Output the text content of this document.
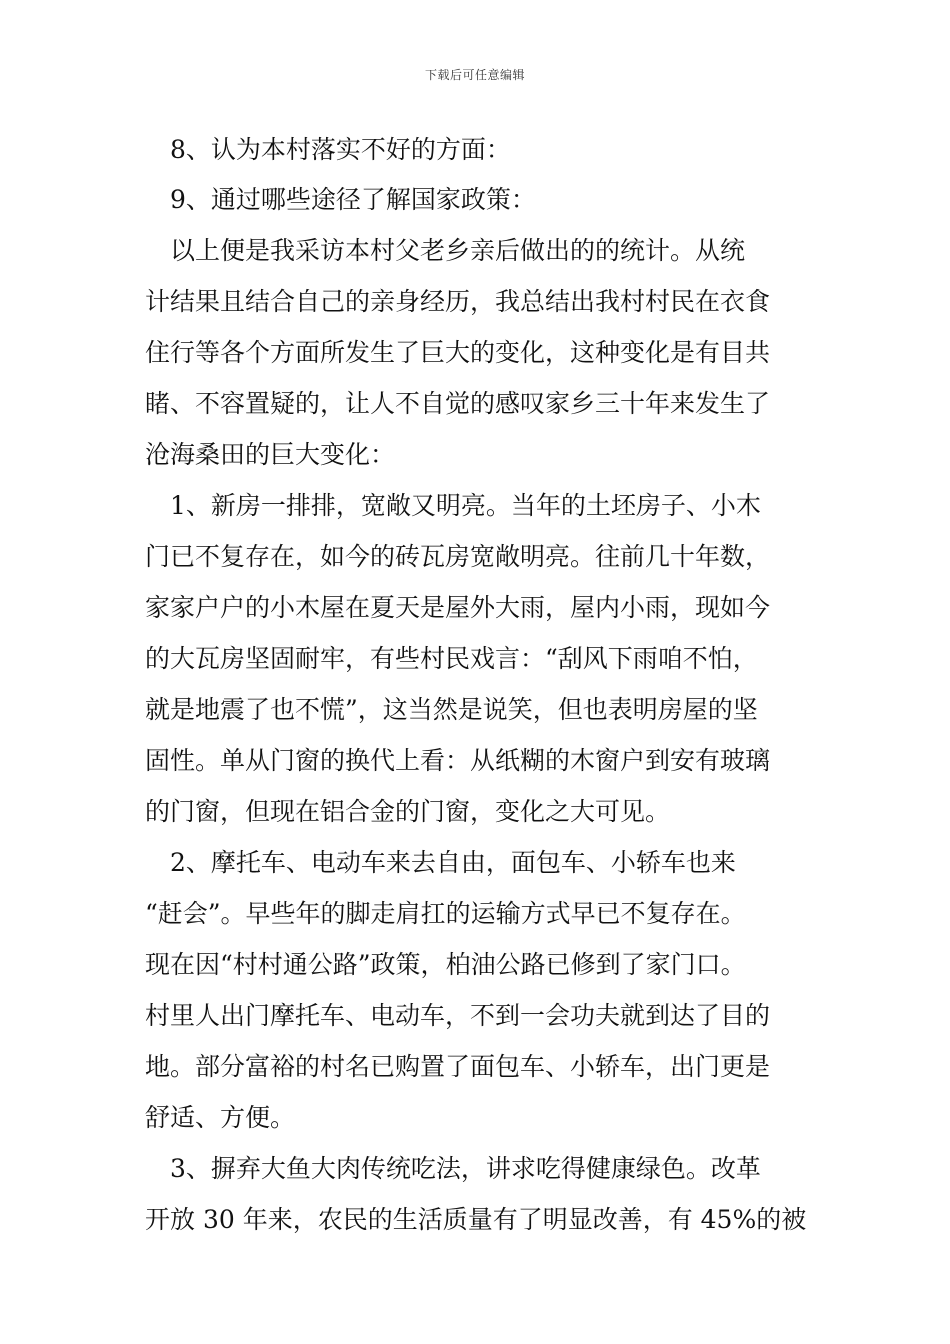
下载后可任意编辑
　8、认为本村落实不好的方面：
　9、通过哪些途径了解国家政策：
　以上便是我采访本村父老乡亲后做出的的统计。从统
计结果且结合自己的亲身经历，我总结出我村村民在衣食
住行等各个方面所发生了巨大的变化，这种变化是有目共
睹、不容置疑的，让人不自觉的感叹家乡三十年来发生了
沧海桑田的巨大变化：
　1、新房一排排，宽敞又明亮。当年的土坯房子、小木
门已不复存在，如今的砖瓦房宽敞明亮。往前几十年数，
家家户户的小木屋在夏天是屋外大雨，屋内小雨，现如今
的大瓦房坚固耐牢，有些村民戏言：“刮风下雨咱不怕，
就是地震了也不慌”，这当然是说笑，但也表明房屋的坚
固性。单从门窗的换代上看：从纸糊的木窗户到安有玻璃
的门窗，但现在铝合金的门窗，变化之大可见。
　2、摩托车、电动车来去自由，面包车、小轿车也来
“赶会”。早些年的脚走肩扛的运输方式早已不复存在。
现在因“村村通公路”政策，柏油公路已修到了家门口。
村里人出门摩托车、电动车，不到一会功夫就到达了目的
地。部分富裕的村名已购置了面包车、小轿车，出门更是
舒适、方便。
　3、摒弃大鱼大肉传统吃法，讲求吃得健康绿色。改革
开放 30 年来，农民的生活质量有了明显改善，有 45%的被
